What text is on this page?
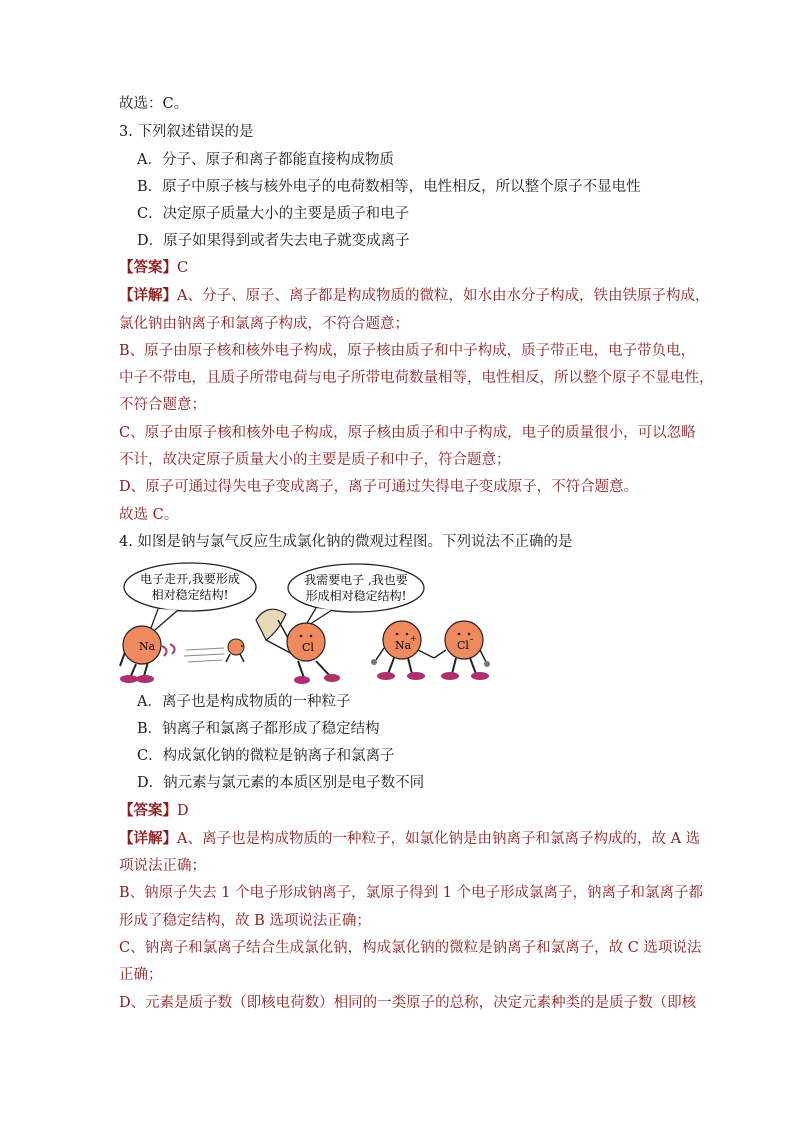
故选：C。
3. 下列叙述错误的是
A．分子、原子和离子都能直接构成物质
B．原子中原子核与核外电子的电荷数相等，电性相反，所以整个原子不显电性
C．决定原子质量大小的主要是质子和电子
D．原子如果得到或者失去电子就变成离子
【答案】C
【详解】A、分子、原子、离子都是构成物质的微粒，如水由水分子构成，铁由铁原子构成，
氯化钠由钠离子和氯离子构成，不符合题意；
B、原子由原子核和核外电子构成，原子核由质子和中子构成，质子带正电，电子带负电，
中子不带电，且质子所带电荷与电子所带电荷数量相等，电性相反，所以整个原子不显电性，
不符合题意；
C、原子由原子核和核外电子构成，原子核由质子和中子构成，电子的质量很小，可以忽略
不计，故决定原子质量大小的主要是质子和中子，符合题意；
D、原子可通过得失电子变成离子，离子可通过失得电子变成原子，不符合题意。
故选 C。
4. 如图是钠与氯气反应生成氯化钠的微观过程图。下列说法不正确的是
电子走开,我要形成
相对稳定结构!
我需要电子 ,我也要
形成相对稳定结构!
Na	Cl	Na
+
Cl -
A．离子也是构成物质的一种粒子
B．钠离子和氯离子都形成了稳定结构
C．构成氯化钠的微粒是钠离子和氯离子
D．钠元素与氯元素的本质区别是电子数不同
【答案】D
【详解】A、离子也是构成物质的一种粒子，如氯化钠是由钠离子和氯离子构成的，故 A 选
项说法正确；
B、钠原子失去 1 个电子形成钠离子，氯原子得到 1 个电子形成氯离子，钠离子和氯离子都
形成了稳定结构，故 B 选项说法正确；
C、钠离子和氯离子结合生成氯化钠，构成氯化钠的微粒是钠离子和氯离子，故 C 选项说法
正确；
D、元素是质子数（即核电荷数）相同的一类原子的总称，决定元素种类的是质子数（即核
